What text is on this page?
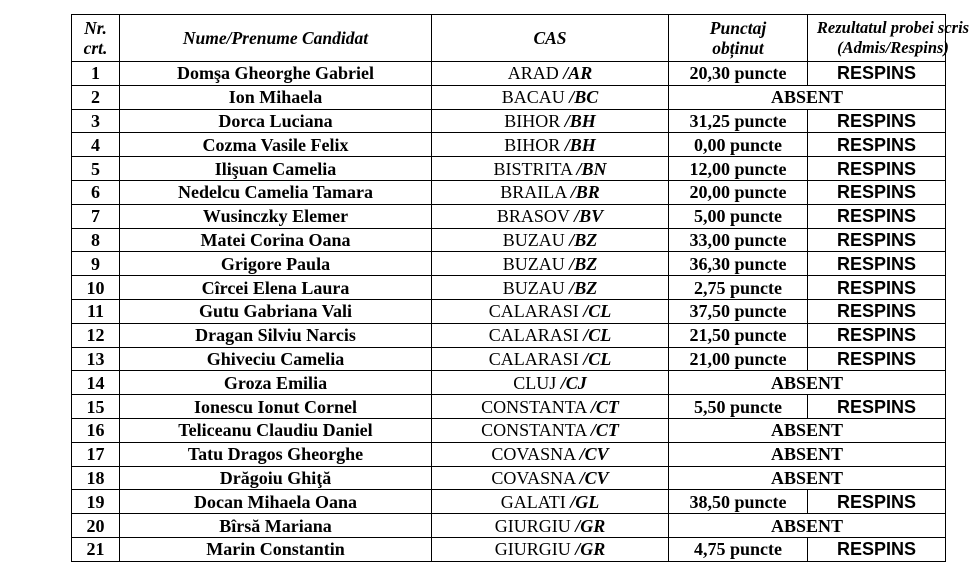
Nr. crt.	Nume/Prenume Candidat	CAS	Punctaj obținut	Rezultatul probei scris (Admis/Respins)
1	Domşa Gheorghe Gabriel	ARAD /AR	20,30 puncte	RESPINS
2	Ion Mihaela	BACAU /BC	ABSENT	
3	Dorca Luciana	BIHOR /BH	31,25 puncte	RESPINS
4	Cozma Vasile Felix	BIHOR /BH	0,00 puncte	RESPINS
5	Ilişuan Camelia	BISTRITA /BN	12,00 puncte	RESPINS
6	Nedelcu Camelia Tamara	BRAILA /BR	20,00 puncte	RESPINS
7	Wusinczky Elemer	BRASOV /BV	5,00 puncte	RESPINS
8	Matei Corina Oana	BUZAU /BZ	33,00 puncte	RESPINS
9	Grigore Paula	BUZAU /BZ	36,30 puncte	RESPINS
10	Cîrcei Elena Laura	BUZAU /BZ	2,75 puncte	RESPINS
11	Gutu Gabriana Vali	CALARASI /CL	37,50 puncte	RESPINS
12	Dragan Silviu Narcis	CALARASI /CL	21,50 puncte	RESPINS
13	Ghiveciu Camelia	CALARASI /CL	21,00 puncte	RESPINS
14	Groza Emilia	CLUJ /CJ	ABSENT	
15	Ionescu Ionut Cornel	CONSTANTA /CT	5,50 puncte	RESPINS
16	Teliceanu Claudiu Daniel	CONSTANTA /CT	ABSENT	
17	Tatu Dragos Gheorghe	COVASNA /CV	ABSENT	
18	Drăgoiu Ghiţă	COVASNA /CV	ABSENT	
19	Docan Mihaela Oana	GALATI /GL	38,50 puncte	RESPINS
20	Bîrsă Mariana	GIURGIU /GR	ABSENT	
21	Marin Constantin	GIURGIU /GR	4,75 puncte	RESPINS
